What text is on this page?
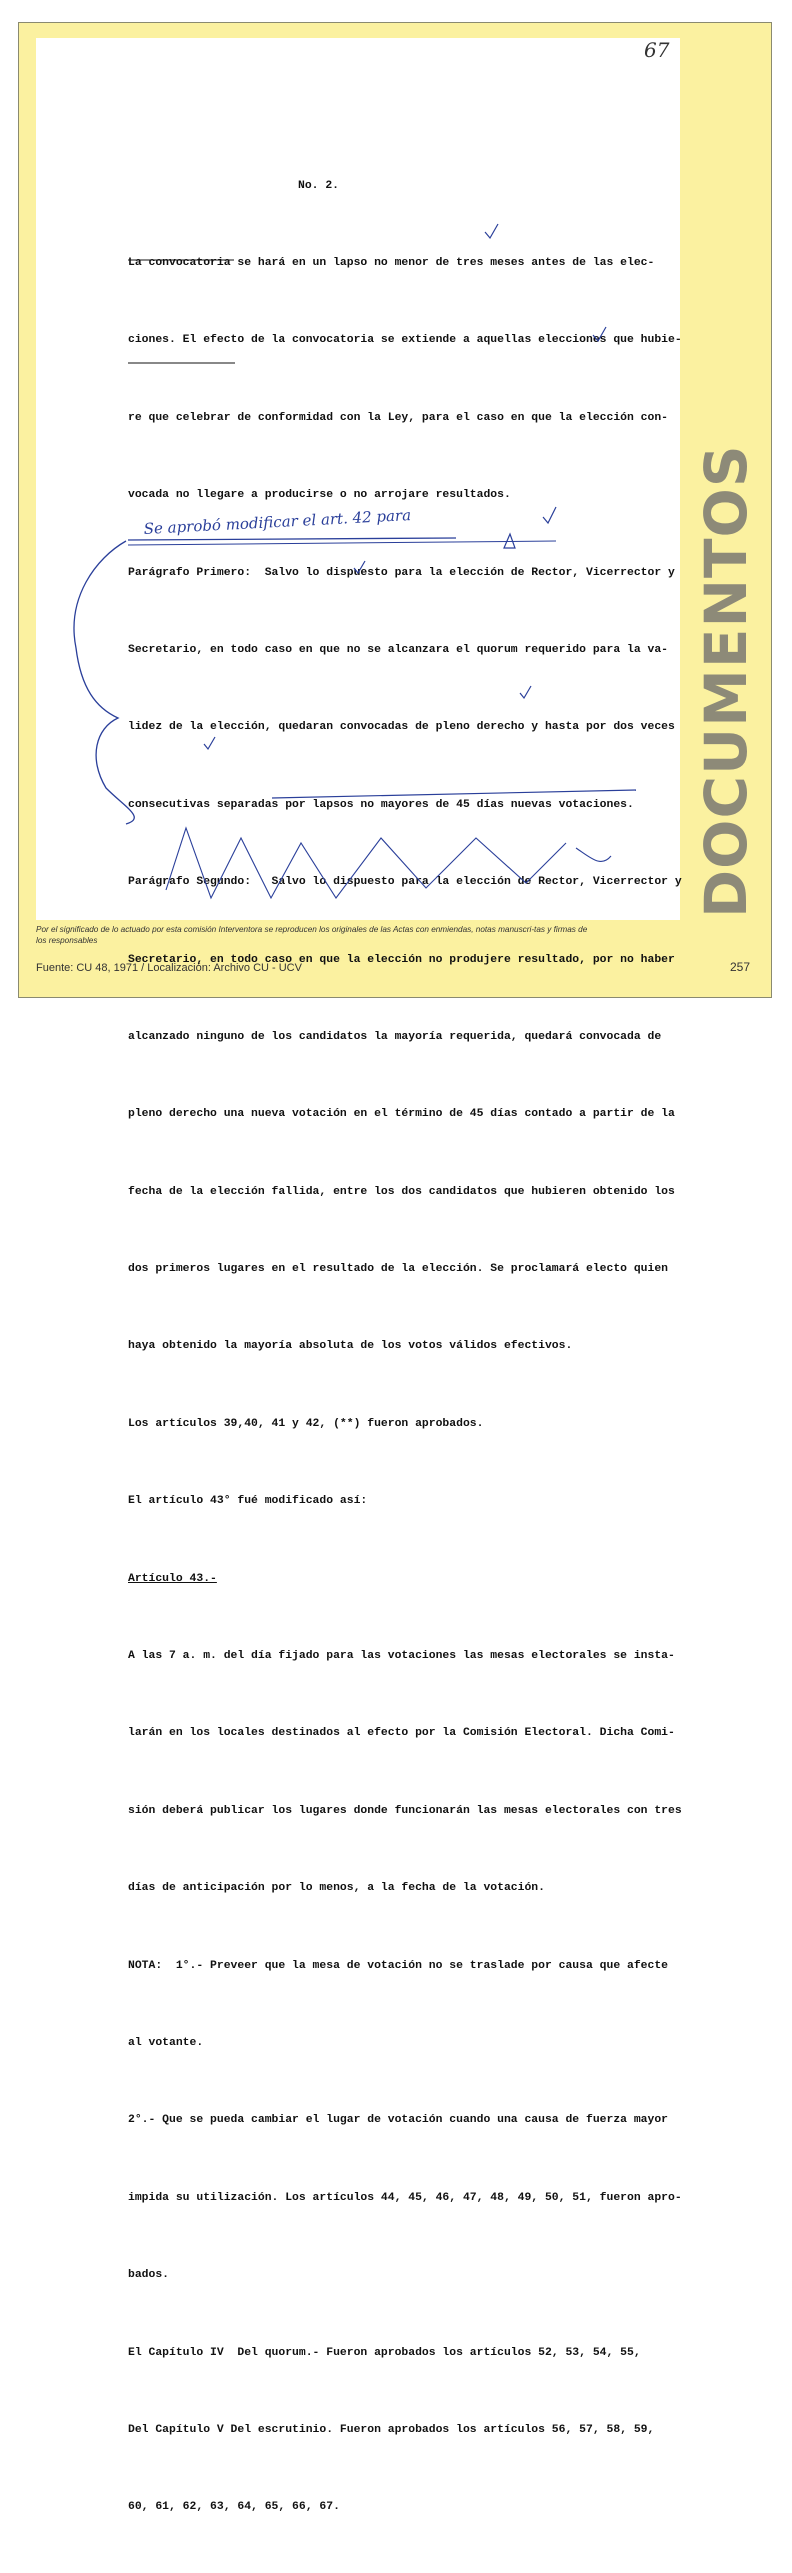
67

No. 2.

La convocatoria se hará en un lapso no menor de tres meses antes de las elec-

ciones. El efecto de la convocatoria se extiende a aquellas elecciones que hubie-

re que celebrar de conformidad con la Ley, para el caso en que la elección con-

vocada no llegare a producirse o no arrojare resultados.

Parágrafo Primero:  Salvo lo dispuesto para la elección de Rector, Vicerrector y

Secretario, en todo caso en que no se alcanzara el quorum requerido para la va-

lidez de la elección, quedaran convocadas de pleno derecho y hasta por dos veces

consecutivas separadas por lapsos no mayores de 45 días nuevas votaciones.

Parágrafo Segundo:   Salvo lo dispuesto para la elección de Rector, Vicerrector y

Secretario, en todo caso en que la elección no produjere resultado, por no haber

alcanzado ninguno de los candidatos la mayoría requerida, quedará convocada de

pleno derecho una nueva votación en el término de 45 días contado a partir de la

fecha de la elección fallida, entre los dos candidatos que hubieren obtenido los

dos primeros lugares en el resultado de la elección. Se proclamará electo quien

haya obtenido la mayoría absoluta de los votos válidos efectivos.

Los artículos 39,40, 41 y 42, (**) fueron aprobados.

El artículo 43° fué modificado así:

Artículo 43.-

A las 7 a. m. del día fijado para las votaciones las mesas electorales se insta-

larán en los locales destinados al efecto por la Comisión Electoral. Dicha Comi-

sión deberá publicar los lugares donde funcionarán las mesas electorales con tres

días de anticipación por lo menos, a la fecha de la votación.

NOTA:  1°.- Preveer que la mesa de votación no se traslade por causa que afecte

al votante.

2°.- Que se pueda cambiar el lugar de votación cuando una causa de fuerza mayor

impida su utilización. Los artículos 44, 45, 46, 47, 48, 49, 50, 51, fueron apro-

bados.

El Capítulo IV  Del quorum.- Fueron aprobados los artículos 52, 53, 54, 55,

Del Capítulo V Del escrutinio. Fueron aprobados los artículos 56, 57, 58, 59,

60, 61, 62, 63, 64, 65, 66, 67.

Se aprobó modificar el art. 42 para	DOCUMENTOS
Por el significado de lo actuado por esta comisión Interventora se reproducen los originales de las Actas con enmiendas, notas manuscri-tas y firmas de los responsables
Fuente: CU 48, 1971 / Localización: Archivo CU - UCV	257
